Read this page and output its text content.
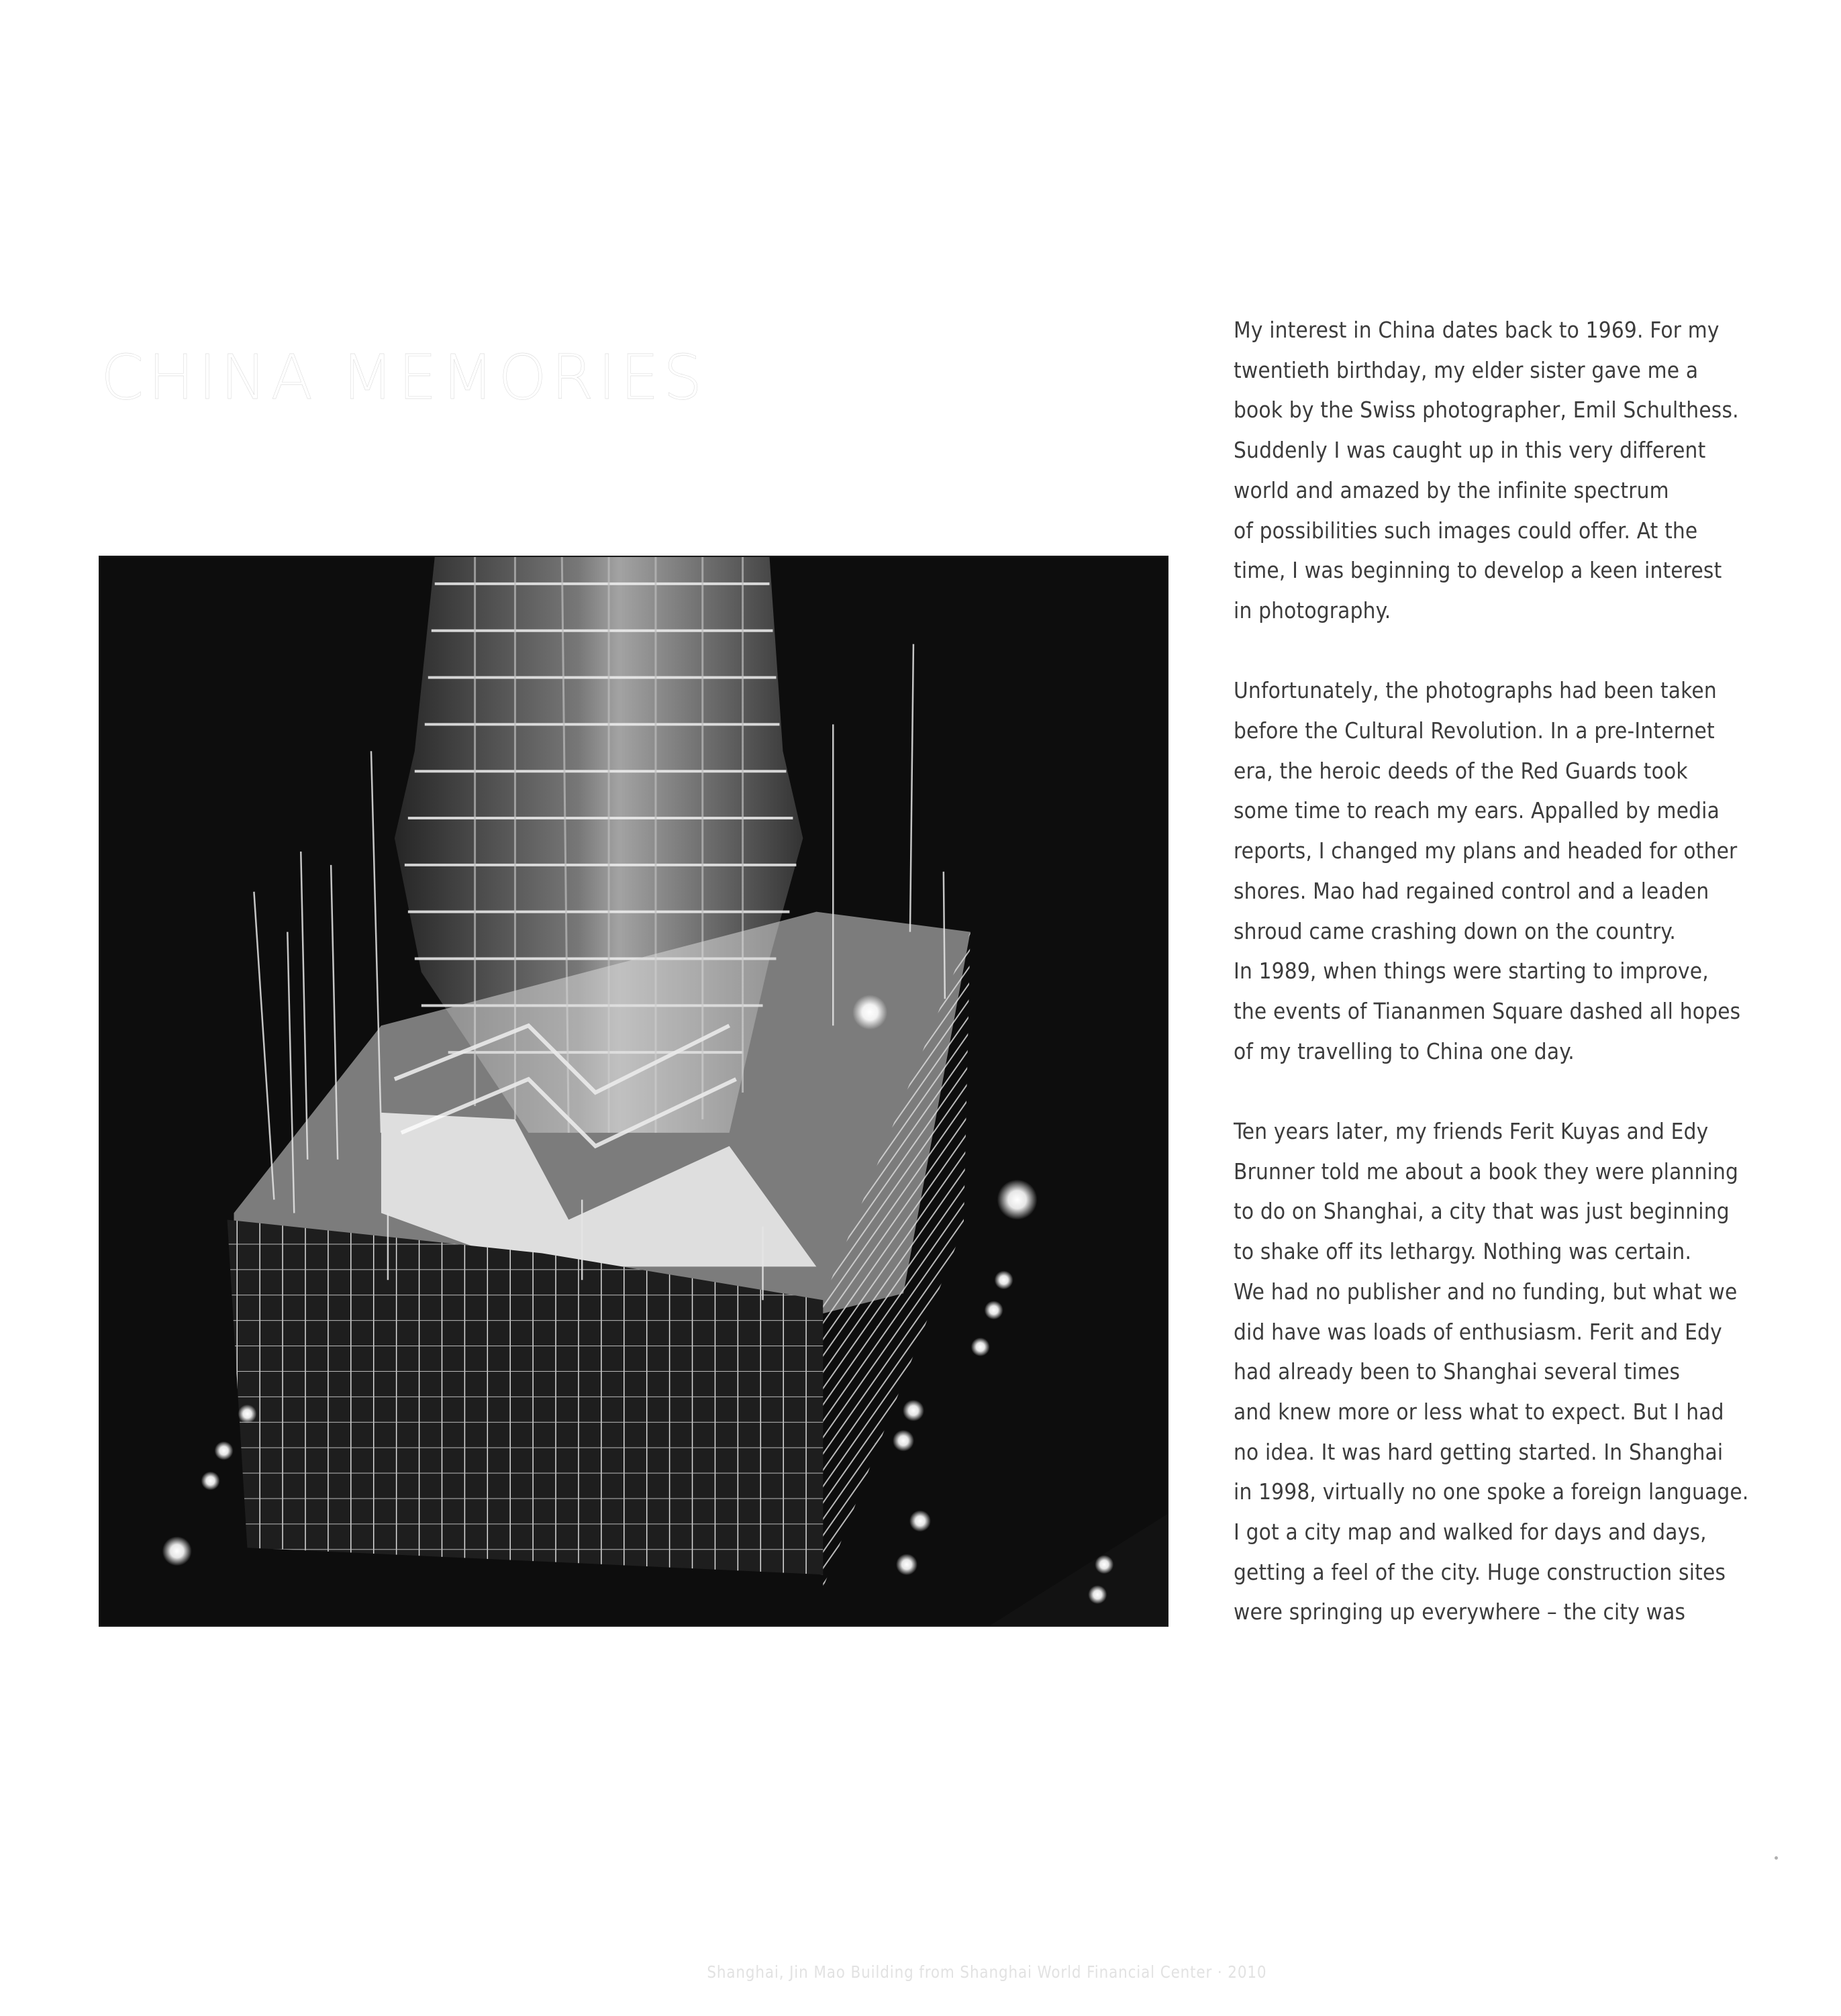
CHINA MEMORIES

My interest in China dates back to 1969. For my
twentieth birthday, my elder sister gave me a
book by the Swiss photographer, Emil Schulthess.
Suddenly I was caught up in this very different
world and amazed by the infinite spectrum
of possibilities such images could offer. At the
time, I was beginning to develop a keen interest
in photography.

Unfortunately, the photographs had been taken
before the Cultural Revolution. In a pre-Internet
era, the heroic deeds of the Red Guards took
some time to reach my ears. Appalled by media
reports, I changed my plans and headed for other
shores. Mao had regained control and a leaden
shroud came crashing down on the country.
In 1989, when things were starting to improve,
the events of Tiananmen Square dashed all hopes
of my travelling to China one day.

Ten years later, my friends Ferit Kuyas and Edy
Brunner told me about a book they were planning
to do on Shanghai, a city that was just beginning
to shake off its lethargy. Nothing was certain.
We had no publisher and no funding, but what we
did have was loads of enthusiasm. Ferit and Edy
had already been to Shanghai several times
and knew more or less what to expect. But I had
no idea. It was hard getting started. In Shanghai
in 1998, virtually no one spoke a foreign language.
I got a city map and walked for days and days,
getting a feel of the city. Huge construction sites
were springing up everywhere – the city was

Shanghai, Jin Mao Building from Shanghai World Financial Center · 2010
